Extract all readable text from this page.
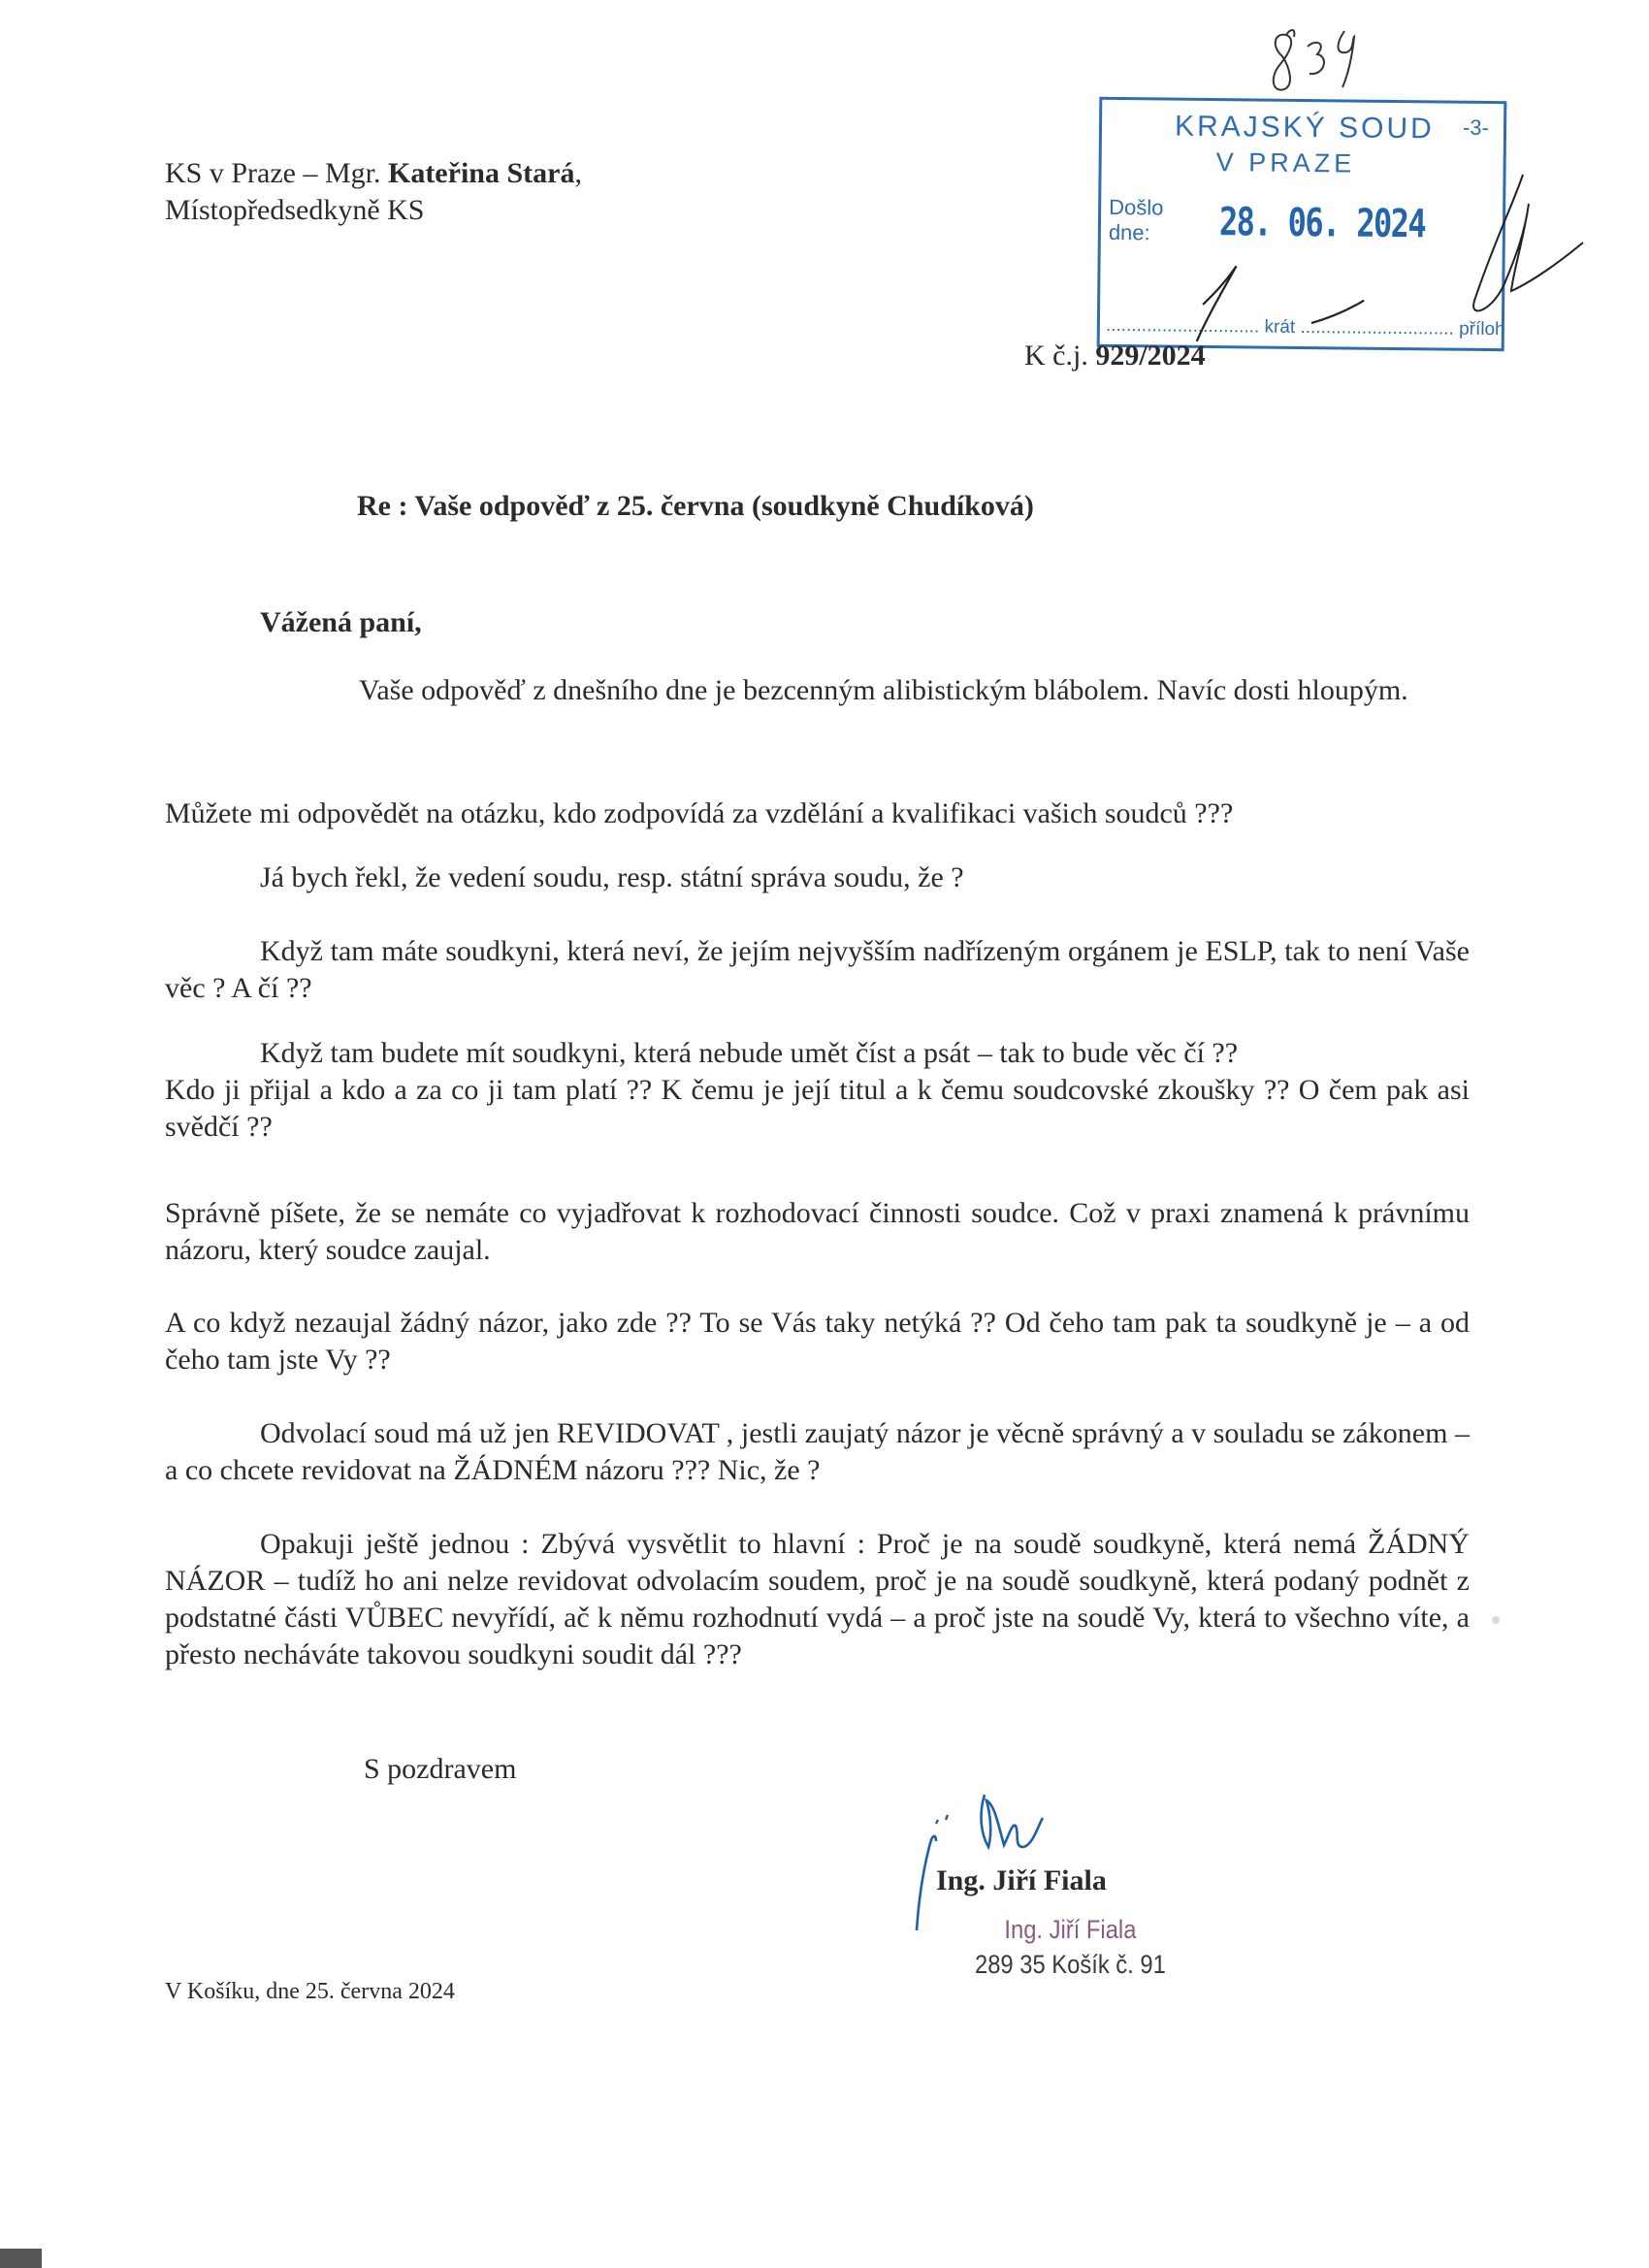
KS v Praze – Mgr. Kateřina Stará,
Místopředsedkyně KS
KRAJSKÝ SOUD -3-
V PRAZE
Došlo
dne:	28. 06. 2024
.............................. krát .............................. příloh
K č.j. 929/2024
Re : Vaše odpověď z 25. června (soudkyně Chudíková)
Vážená paní,
Vaše odpověď z dnešního dne je bezcenným alibistickým blábolem. Navíc dosti hloupým.
Můžete mi odpovědět na otázku, kdo zodpovídá za vzdělání a kvalifikaci vašich soudců ???
Já bych řekl, že vedení soudu, resp. státní správa soudu, že ?
Když tam máte soudkyni, která neví, že jejím nejvyšším nadřízeným orgánem je ESLP, tak to není Vaše věc ? A čí ??
Když tam budete mít soudkyni, která nebude umět číst a psát – tak to bude věc čí ??
Kdo ji přijal a kdo a za co ji tam platí ?? K čemu je její titul a k čemu soudcovské zkoušky ?? O čem pak asi svědčí ??
Správně píšete, že se nemáte co vyjadřovat k rozhodovací činnosti soudce. Což v praxi znamená k právnímu názoru, který soudce zaujal.
A co když nezaujal žádný názor, jako zde ?? To se Vás taky netýká ?? Od čeho tam pak ta soudkyně je – a od čeho tam jste Vy ??
Odvolací soud má už jen REVIDOVAT , jestli zaujatý názor je věcně správný a v souladu se zákonem – a co chcete revidovat na ŽÁDNÉM názoru ??? Nic, že ?
Opakuji ještě jednou : Zbývá vysvětlit to hlavní : Proč je na soudě soudkyně, která nemá ŽÁDNÝ NÁZOR – tudíž ho ani nelze revidovat odvolacím soudem, proč je na soudě soudkyně, která podaný podnět z podstatné části VŮBEC nevyřídí, ač k němu rozhodnutí vydá – a proč jste na soudě Vy, která to všechno víte, a přesto necháváte takovou soudkyni soudit dál ???
S pozdravem
Ing. Jiří Fiala
Ing. Jiří Fiala
289 35 Košík č. 91
V Košíku, dne 25. června 2024
